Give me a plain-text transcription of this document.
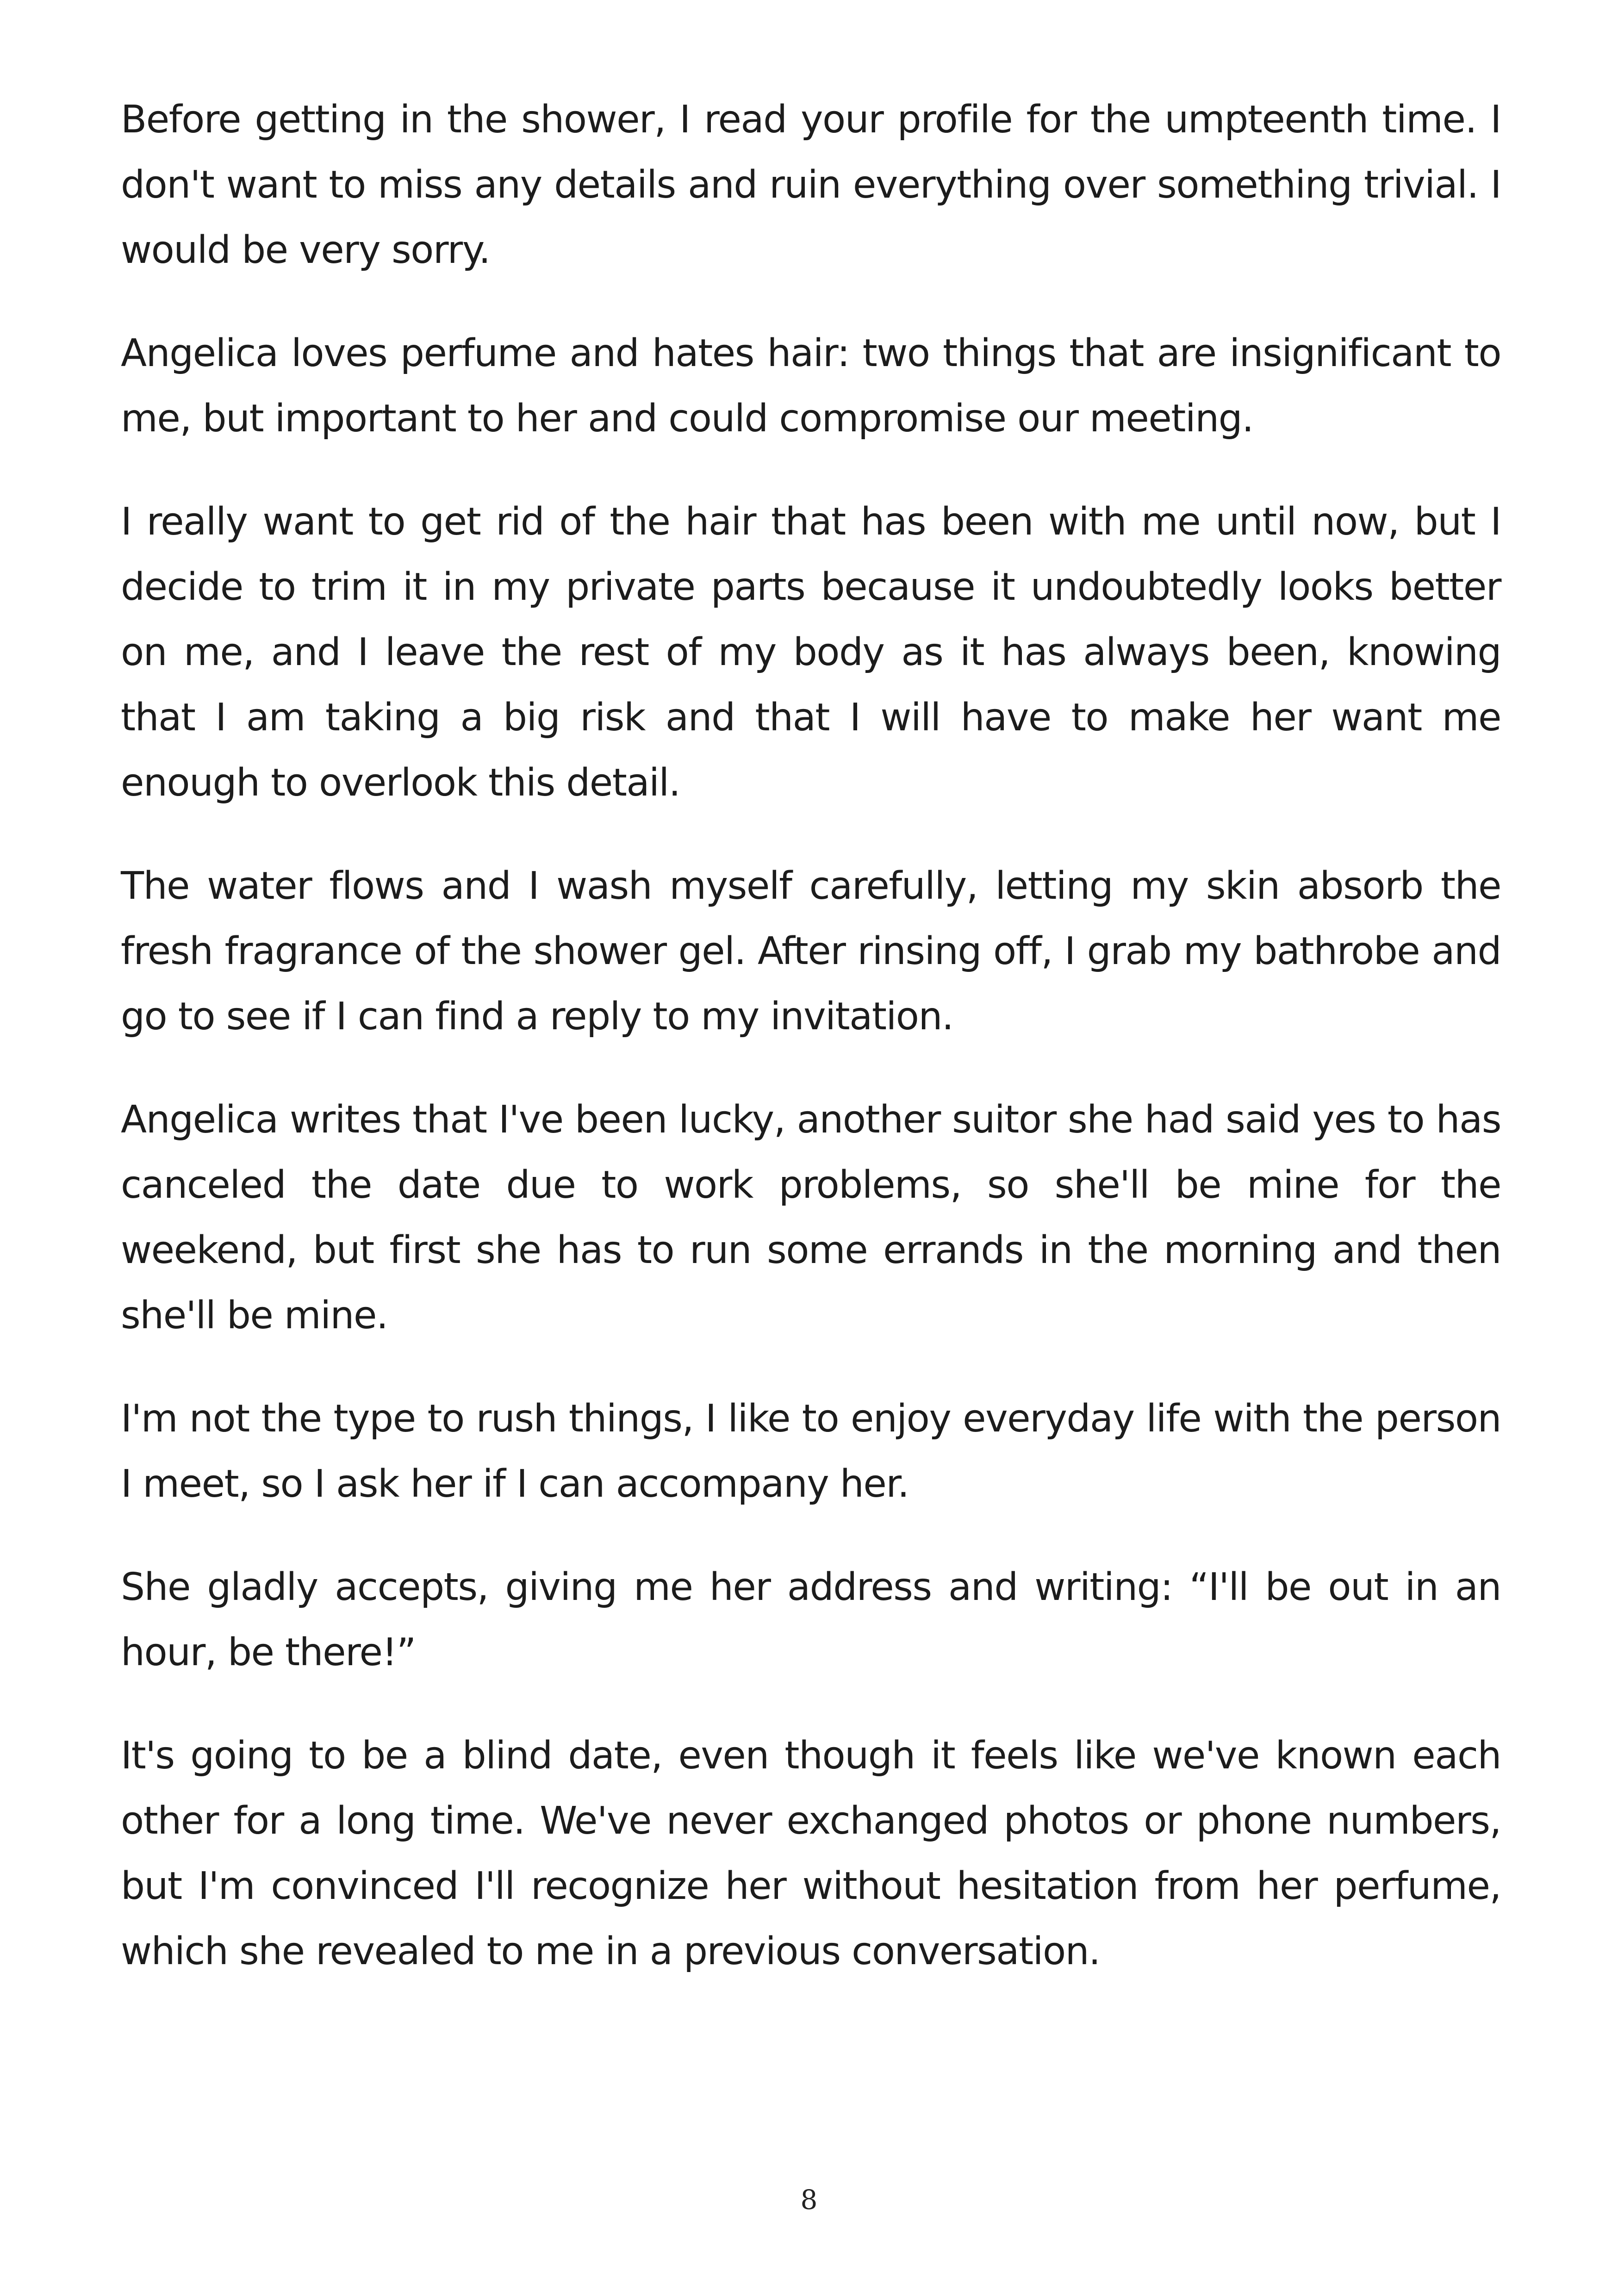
Before getting in the shower, I read your profile for the umpteenth time. I don't want to miss any details and ruin everything over something trivial. I would be very sorry.

Angelica loves perfume and hates hair: two things that are insignificant to me, but important to her and could compromise our meeting.

I really want to get rid of the hair that has been with me until now, but I decide to trim it in my private parts because it undoubtedly looks better on me, and I leave the rest of my body as it has always been, knowing that I am taking a big risk and that I will have to make her want me enough to overlook this detail.

The water flows and I wash myself carefully, letting my skin absorb the fresh fragrance of the shower gel. After rinsing off, I grab my bathrobe and go to see if I can find a reply to my invitation.

Angelica writes that I've been lucky, another suitor she had said yes to has canceled the date due to work problems, so she'll be mine for the weekend, but first she has to run some errands in the morning and then she'll be mine.

I'm not the type to rush things, I like to enjoy everyday life with the person I meet, so I ask her if I can accompany her.

She gladly accepts, giving me her address and writing: “I'll be out in an hour, be there!”

It's going to be a blind date, even though it feels like we've known each other for a long time. We've never exchanged photos or phone numbers, but I'm convinced I'll recognize her without hesitation from her perfume, which she revealed to me in a previous conversation.

8
